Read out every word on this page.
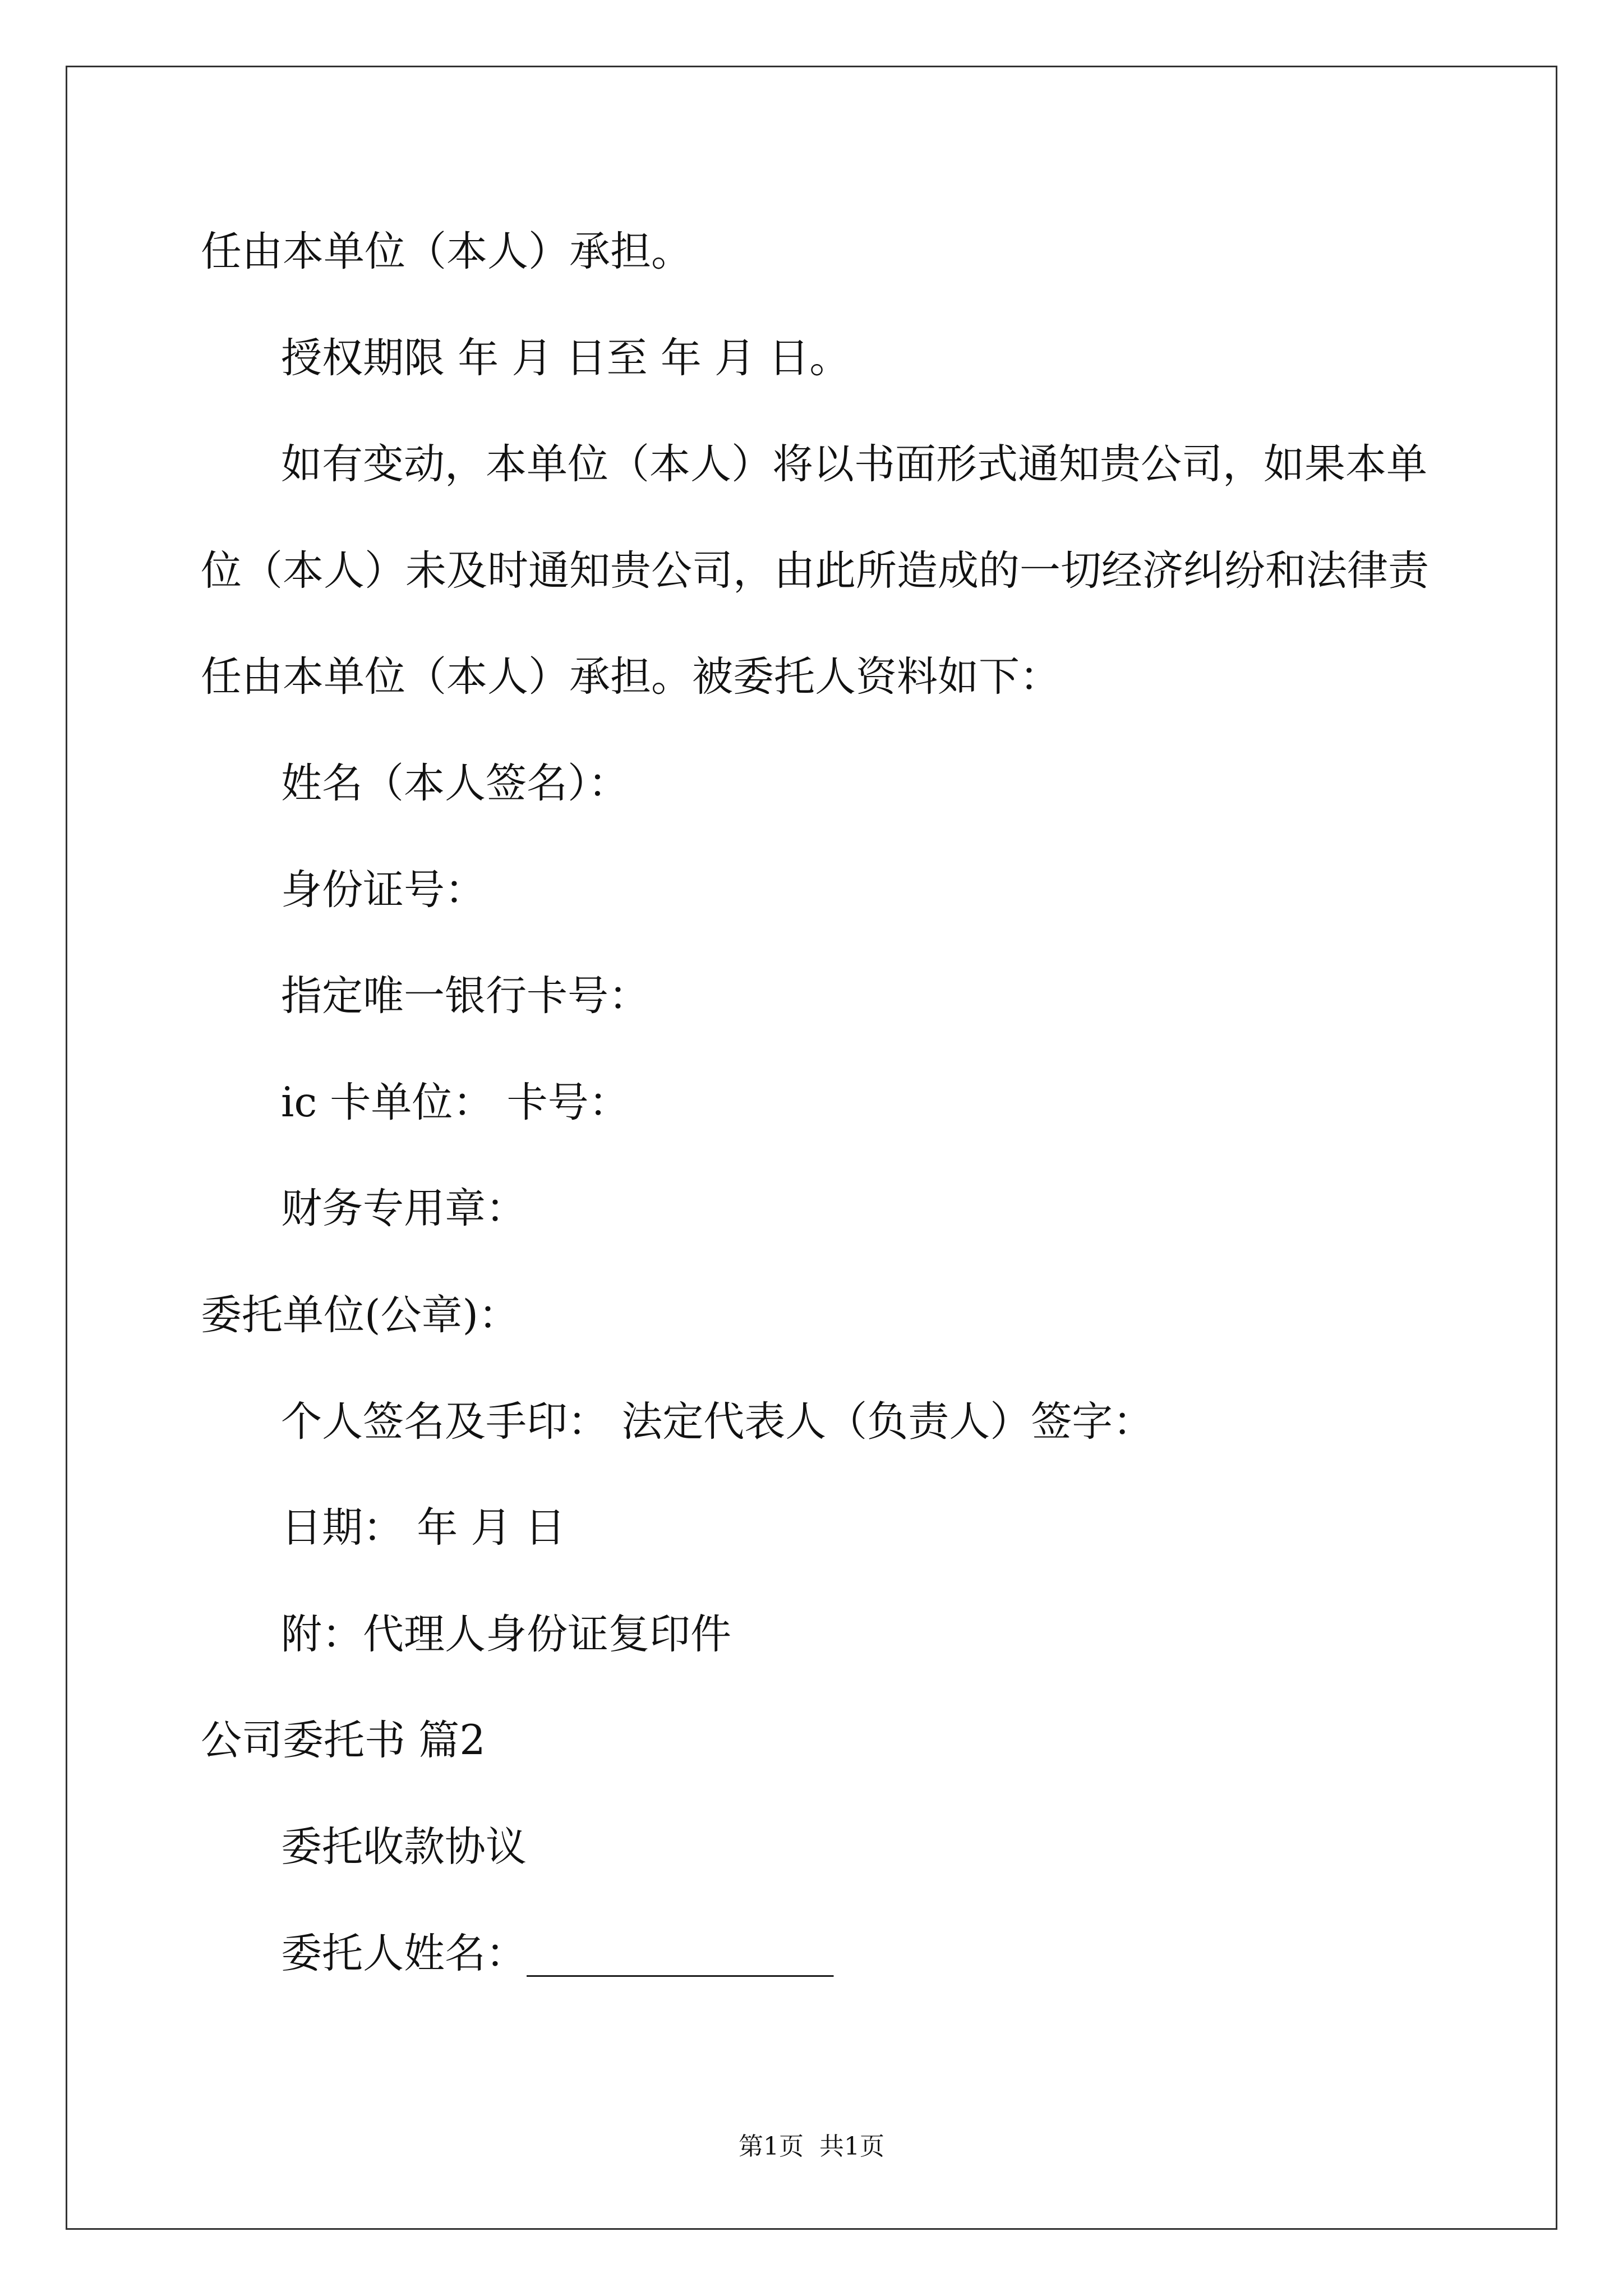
任由本单位（本人）承担。
授权期限 年 月 日至 年 月 日。
如有变动，本单位（本人）将以书面形式通知贵公司，如果本单
位（本人）未及时通知贵公司，由此所造成的一切经济纠纷和法律责
任由本单位（本人）承担。被委托人资料如下：
姓名（本人签名）：
身份证号：
指定唯一银行卡号：
ic 卡单位： 卡号：
财务专用章：
委托单位(公章)：
个人签名及手印： 法定代表人（负责人）签字：
日期： 年 月 日
附：代理人身份证复印件
公司委托书 篇2
委托收款协议
委托人姓名：_______________
第1页  共1页
